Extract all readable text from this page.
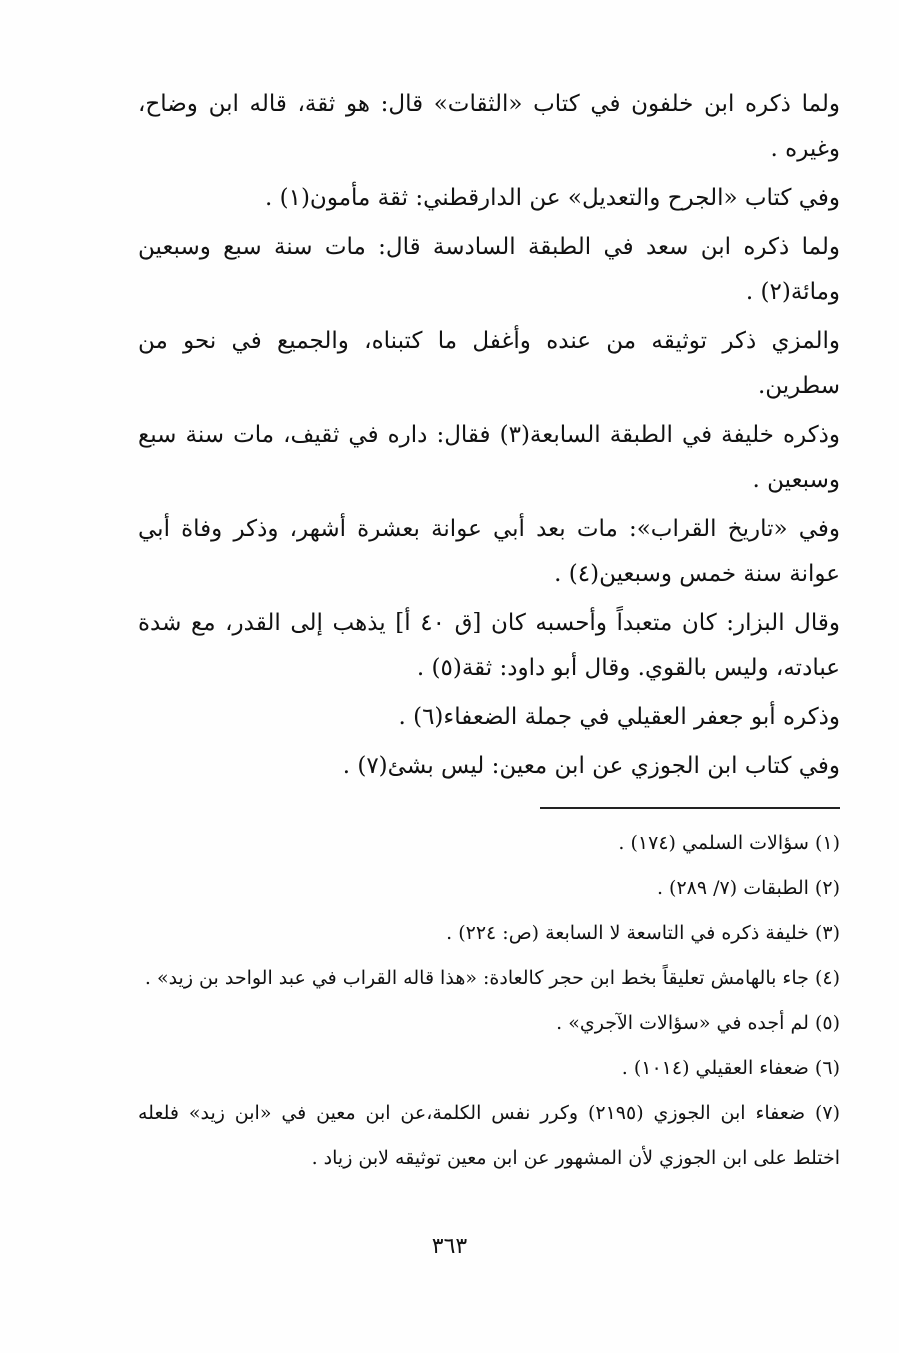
ولما ذكره ابن خلفون في كتاب «الثقات» قال: هو ثقة، قاله ابن وضاح، وغيره .

وفي كتاب «الجرح والتعديل» عن الدارقطني: ثقة مأمون(١) .

ولما ذكره ابن سعد في الطبقة السادسة قال: مات سنة سبع وسبعين ومائة(٢) .

والمزي ذكر توثيقه من عنده وأغفل ما كتبناه، والجميع في نحو من سطرين.

وذكره خليفة في الطبقة السابعة(٣) فقال: داره في ثقيف، مات سنة سبع وسبعين .

وفي «تاريخ القراب»: مات بعد أبي عوانة بعشرة أشهر، وذكر وفاة أبي عوانة سنة خمس وسبعين(٤) .

وقال البزار: كان متعبداً وأحسبه كان [ق ٤٠ أ] يذهب إلى القدر، مع شدة عبادته، وليس بالقوي. وقال أبو داود: ثقة(٥) .

وذكره أبو جعفر العقيلي في جملة الضعفاء(٦) .

وفي كتاب ابن الجوزي عن ابن معين: ليس بشئ(٧) .

(١) سؤالات السلمي (١٧٤) .

(٢) الطبقات (٧/ ٢٨٩) .

(٣) خليفة ذكره في التاسعة لا السابعة (ص: ٢٢٤) .

(٤) جاء بالهامش تعليقاً بخط ابن حجر كالعادة: «هذا قاله القراب في عبد الواحد بن زيد» .

(٥) لم أجده في «سؤالات الآجري» .

(٦) ضعفاء العقيلي (١٠١٤) .

(٧) ضعفاء ابن الجوزي (٢١٩٥) وكرر نفس الكلمة،عن ابن معين في «ابن زيد» فلعله اختلط على ابن الجوزي لأن المشهور عن ابن معين توثيقه لابن زياد .

٣٦٣
